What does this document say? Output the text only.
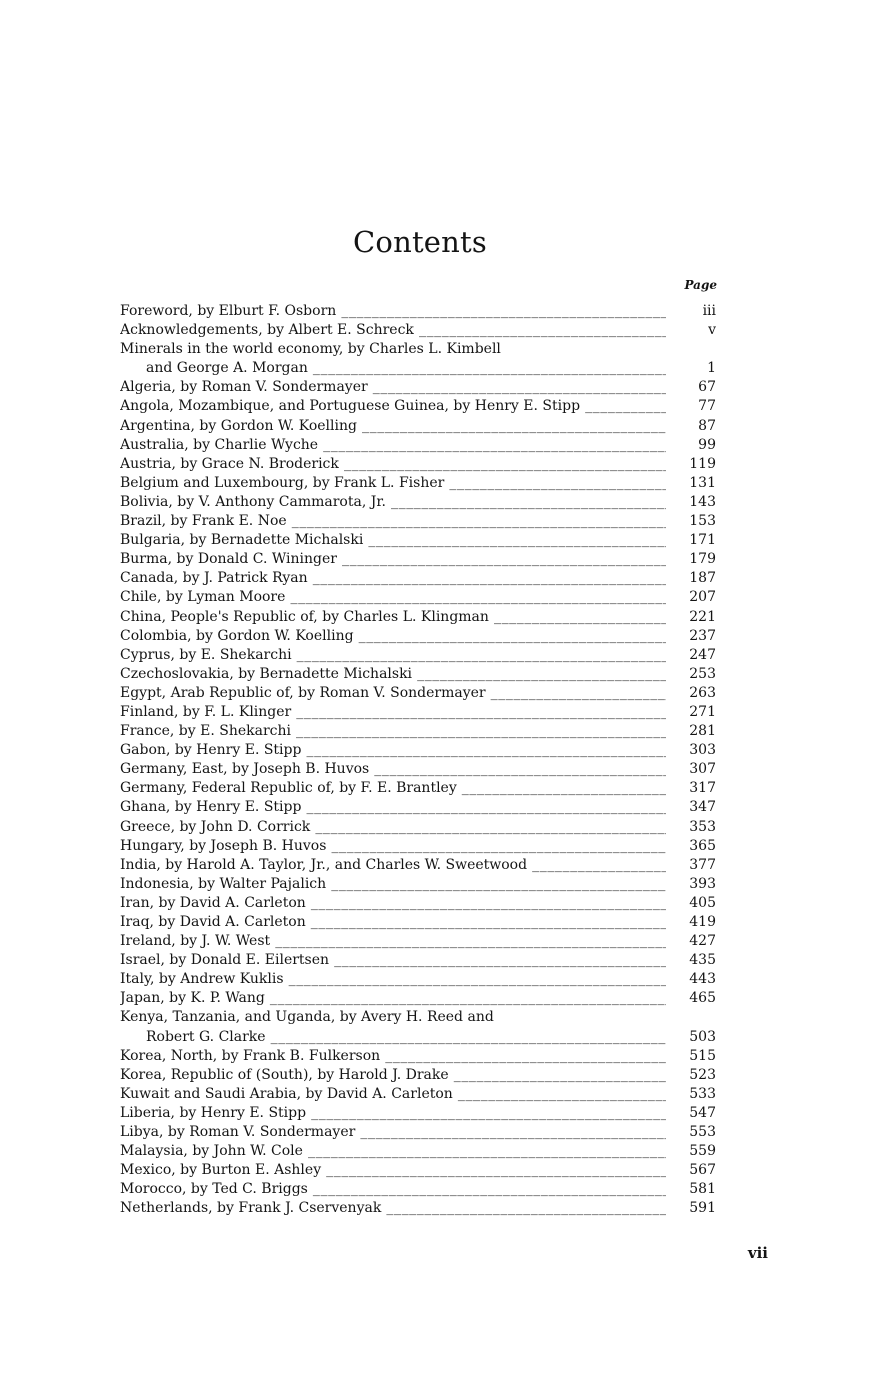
Contents
Page
Foreword, by Elburt F. Osborn _____	iii
Acknowledgements, by Albert E. Schreck _____	v
Minerals in the world economy, by Charles L. Kimbell
and George A. Morgan _____	1
Algeria, by Roman V. Sondermayer _____	67
Angola, Mozambique, and Portuguese Guinea, by Henry E. Stipp _____	77
Argentina, by Gordon W. Koelling _____	87
Australia, by Charlie Wyche _____	99
Austria, by Grace N. Broderick _____	119
Belgium and Luxembourg, by Frank L. Fisher _____	131
Bolivia, by V. Anthony Cammarota, Jr. _____	143
Brazil, by Frank E. Noe _____	153
Bulgaria, by Bernadette Michalski _____	171
Burma, by Donald C. Wininger _____	179
Canada, by J. Patrick Ryan _____	187
Chile, by Lyman Moore _____	207
China, People's Republic of, by Charles L. Klingman _____	221
Colombia, by Gordon W. Koelling _____	237
Cyprus, by E. Shekarchi _____	247
Czechoslovakia, by Bernadette Michalski _____	253
Egypt, Arab Republic of, by Roman V. Sondermayer _____	263
Finland, by F. L. Klinger _____	271
France, by E. Shekarchi _____	281
Gabon, by Henry E. Stipp _____	303
Germany, East, by Joseph B. Huvos _____	307
Germany, Federal Republic of, by F. E. Brantley _____	317
Ghana, by Henry E. Stipp _____	347
Greece, by John D. Corrick _____	353
Hungary, by Joseph B. Huvos _____	365
India, by Harold A. Taylor, Jr., and Charles W. Sweetwood _____	377
Indonesia, by Walter Pajalich _____	393
Iran, by David A. Carleton _____	405
Iraq, by David A. Carleton _____	419
Ireland, by J. W. West _____	427
Israel, by Donald E. Eilertsen _____	435
Italy, by Andrew Kuklis _____	443
Japan, by K. P. Wang _____	465
Kenya, Tanzania, and Uganda, by Avery H. Reed and
Robert G. Clarke _____	503
Korea, North, by Frank B. Fulkerson _____	515
Korea, Republic of (South), by Harold J. Drake _____	523
Kuwait and Saudi Arabia, by David A. Carleton _____	533
Liberia, by Henry E. Stipp _____	547
Libya, by Roman V. Sondermayer _____	553
Malaysia, by John W. Cole _____	559
Mexico, by Burton E. Ashley _____	567
Morocco, by Ted C. Briggs _____	581
Netherlands, by Frank J. Cservenyak _____	591
vii
